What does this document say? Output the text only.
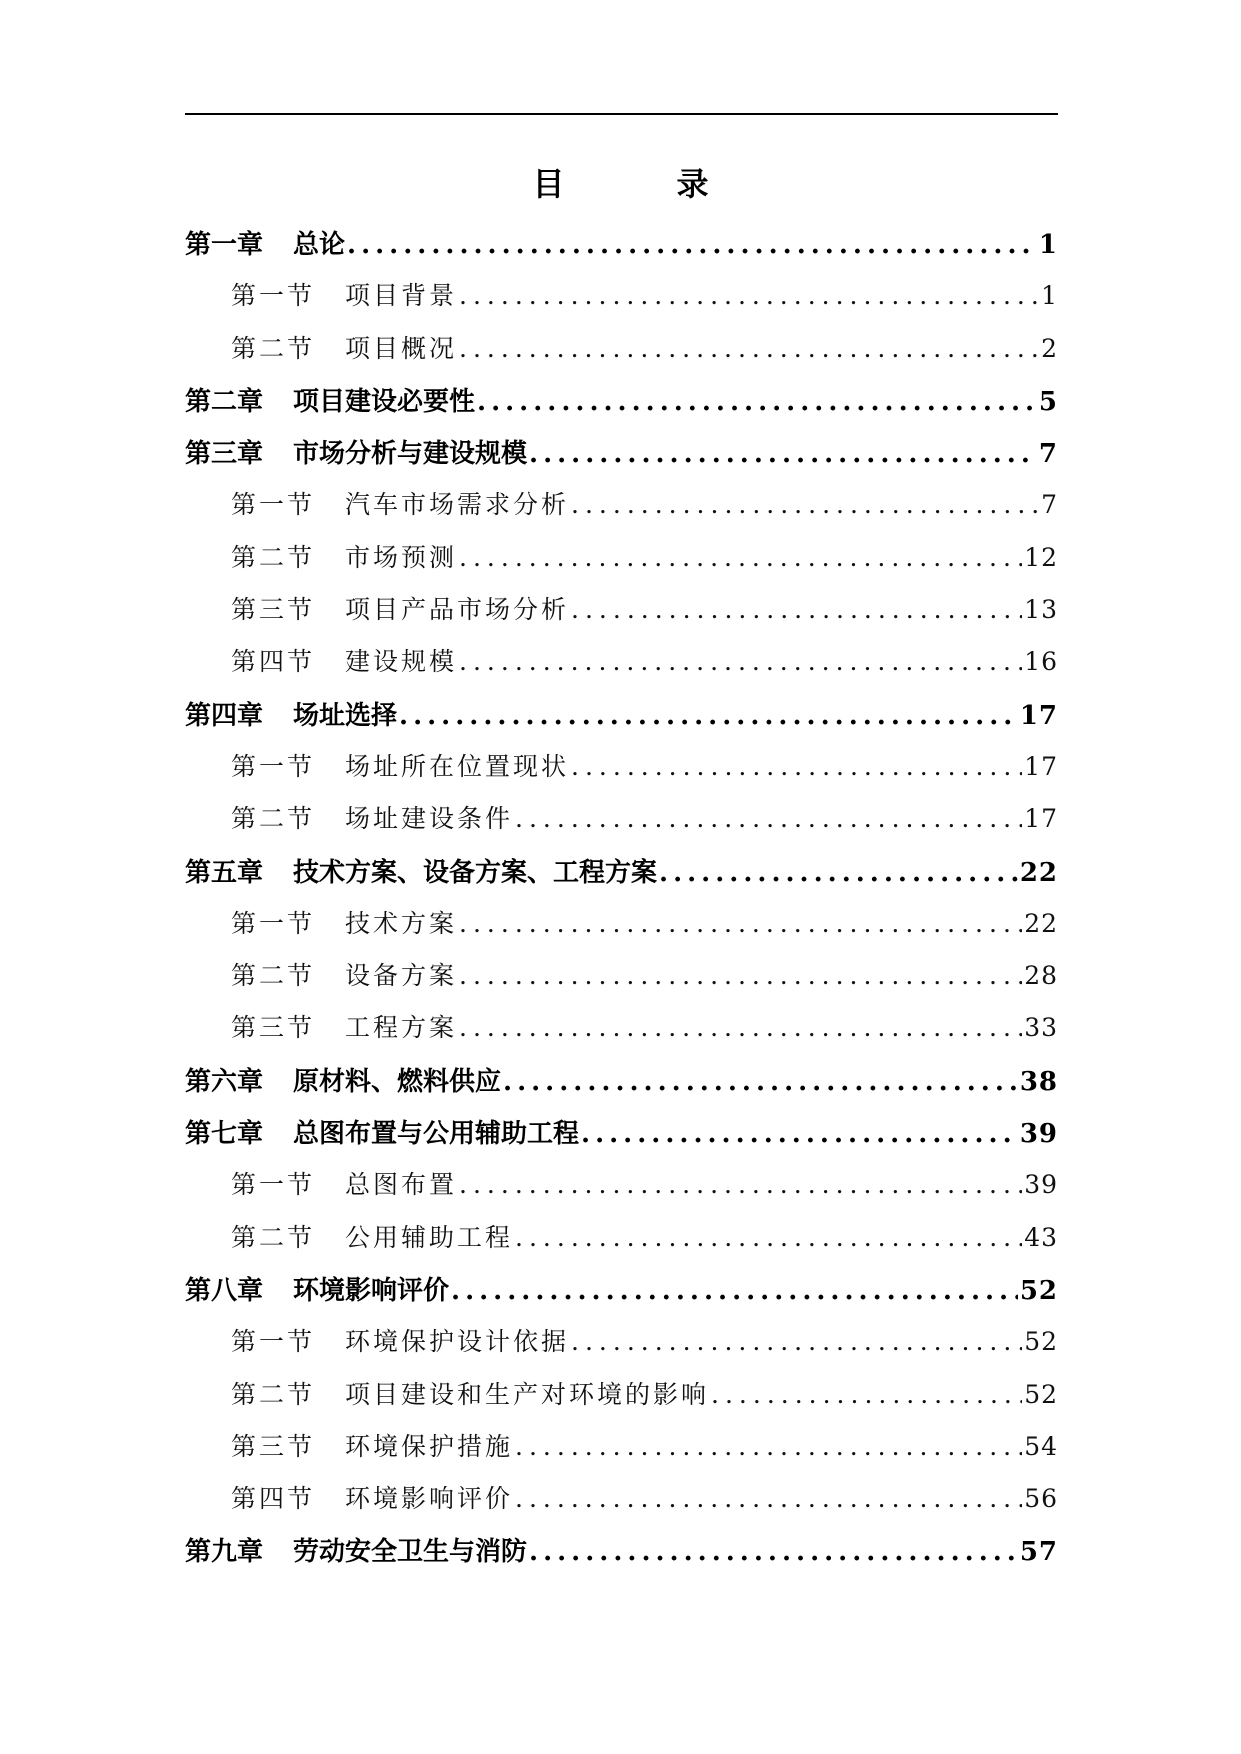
目　录
第一章 总论 .....	1
第一节 项目背景 .....	1
第二节 项目概况 .....	2
第二章 项目建设必要性 .....	5
第三章 市场分析与建设规模 .....	7
第一节 汽车市场需求分析 .....	7
第二节 市场预测 .....	12
第三节 项目产品市场分析 .....	13
第四节 建设规模 .....	16
第四章 场址选择 .....	17
第一节 场址所在位置现状 .....	17
第二节 场址建设条件 .....	17
第五章 技术方案、设备方案、工程方案 .....	22
第一节 技术方案 .....	22
第二节 设备方案 .....	28
第三节 工程方案 .....	33
第六章 原材料、燃料供应 .....	38
第七章 总图布置与公用辅助工程 .....	39
第一节 总图布置 .....	39
第二节 公用辅助工程 .....	43
第八章 环境影响评价 .....	52
第一节 环境保护设计依据 .....	52
第二节 项目建设和生产对环境的影响 .....	52
第三节 环境保护措施 .....	54
第四节 环境影响评价 .....	56
第九章 劳动安全卫生与消防 .....	57
